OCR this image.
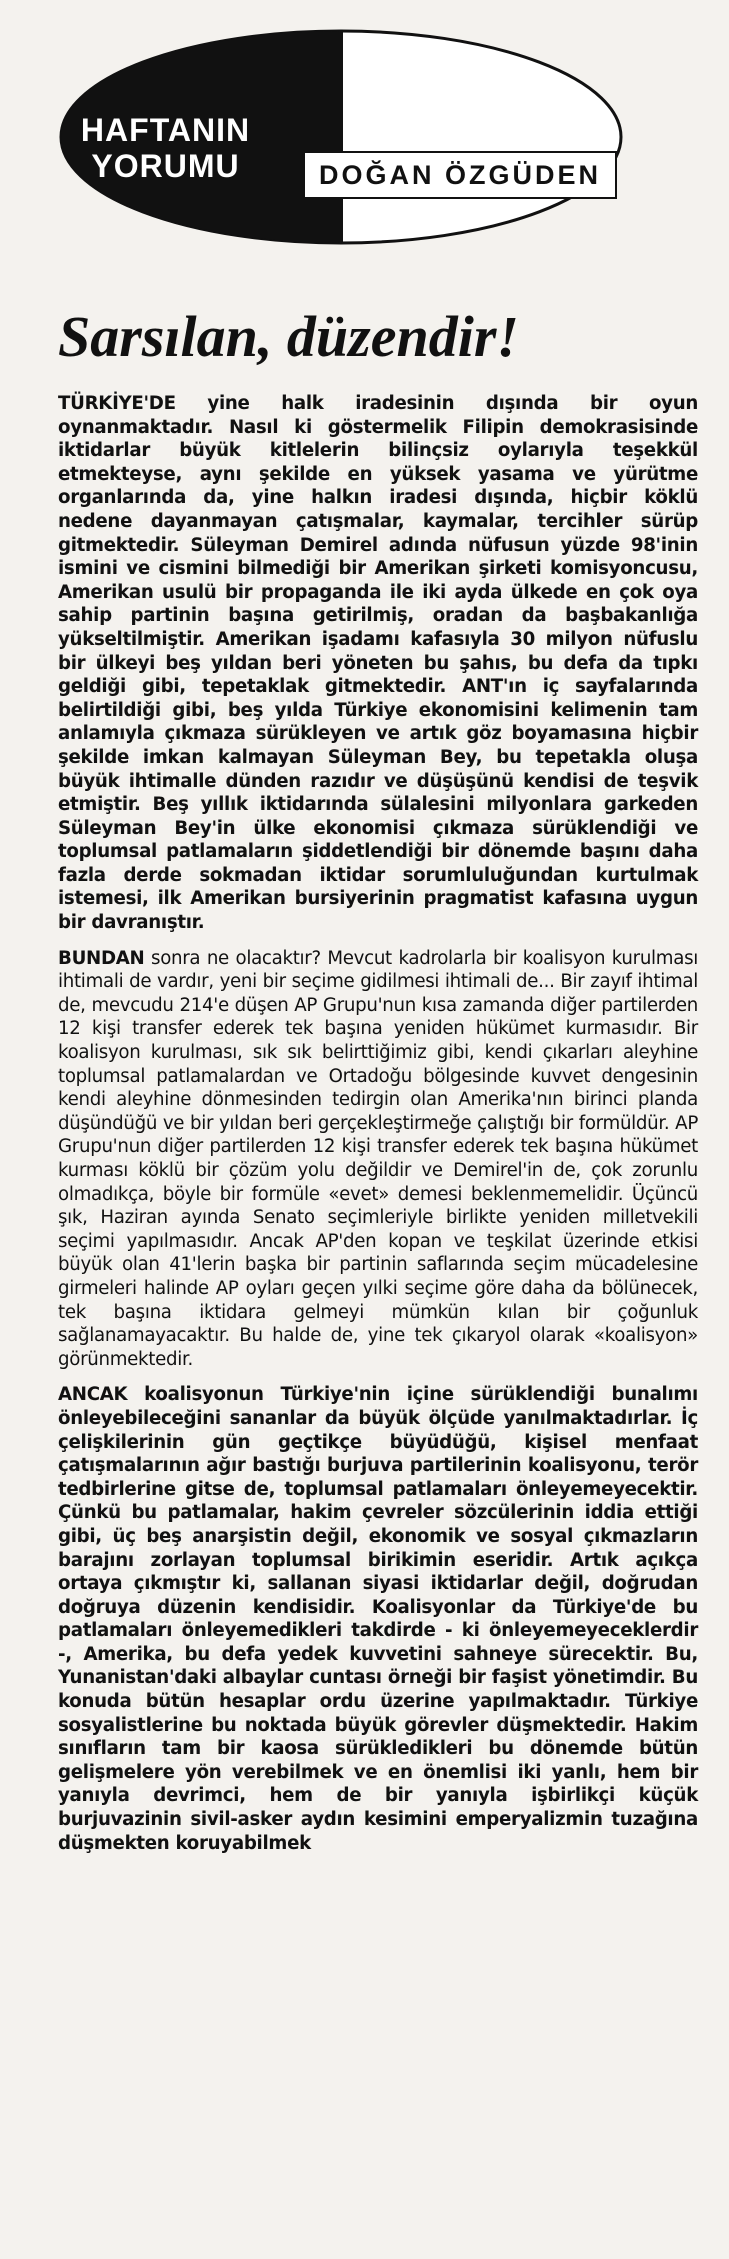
HAFTANIN YORUMU	DOĞAN ÖZGÜDEN
Sarsılan, düzendir!

TÜRKİYE'DE yine halk iradesinin dışında bir oyun oynanmaktadır. Nasıl ki göstermelik Filipin demokrasisinde iktidarlar büyük kitlelerin bilinçsiz oylarıyla teşekkül etmekteyse, aynı şekilde en yüksek yasama ve yürütme organlarında da, yine halkın iradesi dışında, hiçbir köklü nedene dayanmayan çatışmalar, kaymalar, tercihler sürüp gitmektedir. Süleyman Demirel adında nüfusun yüzde 98'inin ismini ve cismini bilmediği bir Amerikan şirketi komisyoncusu, Amerikan usulü bir propaganda ile iki ayda ülkede en çok oya sahip partinin başına getirilmiş, oradan da başbakanlığa yükseltilmiştir. Amerikan işadamı kafasıyla 30 milyon nüfuslu bir ülkeyi beş yıldan beri yöneten bu şahıs, bu defa da tıpkı geldiği gibi, tepetaklak gitmektedir. ANT'ın iç sayfalarında belirtildiği gibi, beş yılda Türkiye ekonomisini kelimenin tam anlamıyla çıkmaza sürükleyen ve artık göz boyamasına hiçbir şekilde imkan kalmayan Süleyman Bey, bu tepetakla oluşa büyük ihtimalle dünden razıdır ve düşüşünü kendisi de teşvik etmiştir. Beş yıllık iktidarında sülalesini milyonlara garkeden Süleyman Bey'in ülke ekonomisi çıkmaza sürüklendiği ve toplumsal patlamaların şiddetlendiği bir dönemde başını daha fazla derde sokmadan iktidar sorumluluğundan kurtulmak istemesi, ilk Amerikan bursiyerinin pragmatist kafasına uygun bir davranıştır.

BUNDAN sonra ne olacaktır? Mevcut kadrolarla bir koalisyon kurulması ihtimali de vardır, yeni bir seçime gidilmesi ihtimali de... Bir zayıf ihtimal de, mevcudu 214'e düşen AP Grupu'nun kısa zamanda diğer partilerden 12 kişi transfer ederek tek başına yeniden hükümet kurmasıdır. Bir koalisyon kurulması, sık sık belirttiğimiz gibi, kendi çıkarları aleyhine toplumsal patlamalardan ve Ortadoğu bölgesinde kuvvet dengesinin kendi aleyhine dönmesinden tedirgin olan Amerika'nın birinci planda düşündüğü ve bir yıldan beri gerçekleştirmeğe çalıştığı bir formüldür. AP Grupu'nun diğer partilerden 12 kişi transfer ederek tek başına hükümet kurması köklü bir çözüm yolu değildir ve Demirel'in de, çok zorunlu olmadıkça, böyle bir formüle «evet» demesi beklenmemelidir. Üçüncü şık, Haziran ayında Senato seçimleriyle birlikte yeniden milletvekili seçimi yapılmasıdır. Ancak AP'den kopan ve teşkilat üzerinde etkisi büyük olan 41'lerin başka bir partinin saflarında seçim mücadelesine girmeleri halinde AP oyları geçen yılki seçime göre daha da bölünecek, tek başına iktidara gelmeyi mümkün kılan bir çoğunluk sağlanamayacaktır. Bu halde de, yine tek çıkaryol olarak «koalisyon» görünmektedir.

ANCAK koalisyonun Türkiye'nin içine sürüklendiği bunalımı önleyebileceğini sananlar da büyük ölçüde yanılmaktadırlar. İç çelişkilerinin gün geçtikçe büyüdüğü, kişisel menfaat çatışmalarının ağır bastığı burjuva partilerinin koalisyonu, terör tedbirlerine gitse de, toplumsal patlamaları önleyemeyecektir. Çünkü bu patlamalar, hakim çevreler sözcülerinin iddia ettiği gibi, üç beş anarşistin değil, ekonomik ve sosyal çıkmazların barajını zorlayan toplumsal birikimin eseridir. Artık açıkça ortaya çıkmıştır ki, sallanan siyasi iktidarlar değil, doğrudan doğruya düzenin kendisidir. Koalisyonlar da Türkiye'de bu patlamaları önleyemedikleri takdirde - ki önleyemeyeceklerdir -, Amerika, bu defa yedek kuvvetini sahneye sürecektir. Bu, Yunanistan'daki albaylar cuntası örneği bir faşist yönetimdir. Bu konuda bütün hesaplar ordu üzerine yapılmaktadır. Türkiye sosyalistlerine bu noktada büyük görevler düşmektedir. Hakim sınıfların tam bir kaosa sürükledikleri bu dönemde bütün gelişmelere yön verebilmek ve en önemlisi iki yanlı, hem bir yanıyla devrimci, hem de bir yanıyla işbirlikçi küçük burjuvazinin sivil-asker aydın kesimini emperyalizmin tuzağına düşmekten koruyabilmek
